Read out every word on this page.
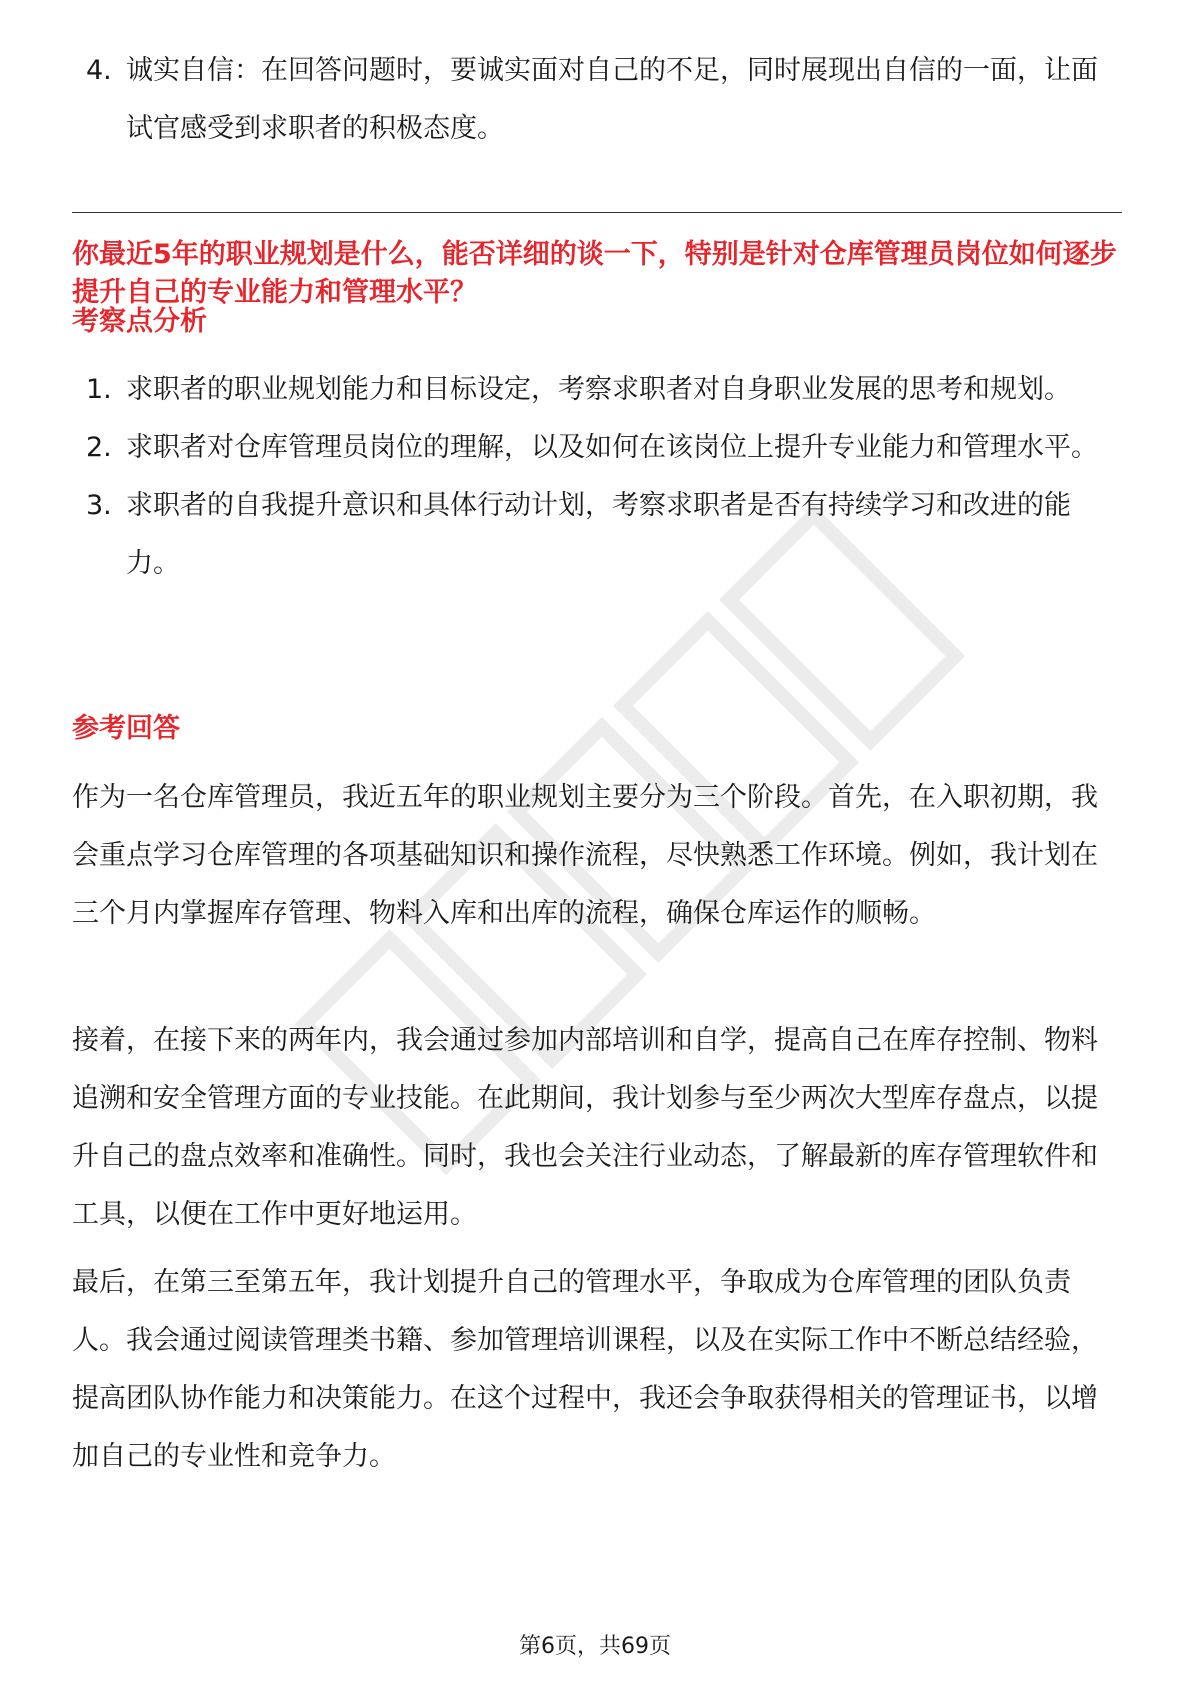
4. 诚实自信：在回答问题时，要诚实面对自己的不足，同时展现出自信的一面，让面试官感受到求职者的积极态度。
你最近5年的职业规划是什么，能否详细的谈一下，特别是针对仓库管理员岗位如何逐步提升自己的专业能力和管理水平？
考察点分析
1. 求职者的职业规划能力和目标设定，考察求职者对自身职业发展的思考和规划。
2. 求职者对仓库管理员岗位的理解，以及如何在该岗位上提升专业能力和管理水平。
3. 求职者的自我提升意识和具体行动计划，考察求职者是否有持续学习和改进的能力。
参考回答

作为一名仓库管理员，我近五年的职业规划主要分为三个阶段。首先，在入职初期，我会重点学习仓库管理的各项基础知识和操作流程，尽快熟悉工作环境。例如，我计划在三个月内掌握库存管理、物料入库和出库的流程，确保仓库运作的顺畅。

接着，在接下来的两年内，我会通过参加内部培训和自学，提高自己在库存控制、物料追溯和安全管理方面的专业技能。在此期间，我计划参与至少两次大型库存盘点，以提升自己的盘点效率和准确性。同时，我也会关注行业动态，了解最新的库存管理软件和工具，以便在工作中更好地运用。

最后，在第三至第五年，我计划提升自己的管理水平，争取成为仓库管理的团队负责人。我会通过阅读管理类书籍、参加管理培训课程，以及在实际工作中不断总结经验，提高团队协作能力和决策能力。在这个过程中，我还会争取获得相关的管理证书，以增加自己的专业性和竞争力。

第6页，共69页
